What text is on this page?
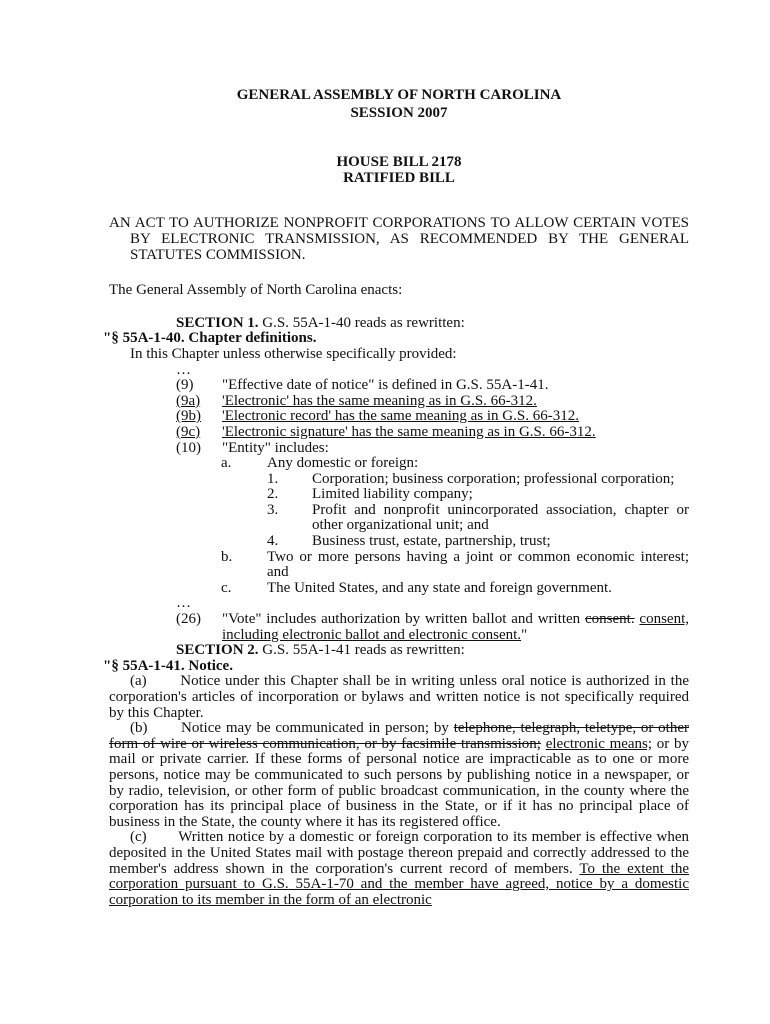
GENERAL ASSEMBLY OF NORTH CAROLINA

SESSION 2007

HOUSE BILL 2178

RATIFIED BILL

AN ACT TO AUTHORIZE NONPROFIT CORPORATIONS TO ALLOW CERTAIN VOTES BY ELECTRONIC TRANSMISSION, AS RECOMMENDED BY THE GENERAL STATUTES COMMISSION.

The General Assembly of North Carolina enacts:

SECTION 1. G.S. 55A-1-40 reads as rewritten:

"§ 55A-1-40. Chapter definitions.

In this Chapter unless otherwise specifically provided:

…

(9)	"Effective date of notice" is defined in G.S. 55A-1-41.
(9a)	'Electronic' has the same meaning as in G.S. 66-312.
(9b)	'Electronic record' has the same meaning as in G.S. 66-312.
(9c)	'Electronic signature' has the same meaning as in G.S. 66-312.
(10)	"Entity" includes:
a.	Any domestic or foreign:
1.	Corporation; business corporation; professional corporation;
2.	Limited liability company;
3.	Profit and nonprofit unincorporated association, chapter or other organizational unit; and
4.	Business trust, estate, partnership, trust;
b.	Two or more persons having a joint or common economic interest; and
c.	The United States, and any state and foreign government.

…

(26)	"Vote" includes authorization by written ballot and written consent. consent, including electronic ballot and electronic consent."

SECTION 2. G.S. 55A-1-41 reads as rewritten:

"§ 55A-1-41. Notice.

(a) Notice under this Chapter shall be in writing unless oral notice is authorized in the corporation's articles of incorporation or bylaws and written notice is not specifically required by this Chapter.

(b) Notice may be communicated in person; by telephone, telegraph, teletype, or other form of wire or wireless communication, or by facsimile transmission; electronic means; or by mail or private carrier. If these forms of personal notice are impracticable as to one or more persons, notice may be communicated to such persons by publishing notice in a newspaper, or by radio, television, or other form of public broadcast communication, in the county where the corporation has its principal place of business in the State, or if it has no principal place of business in the State, the county where it has its registered office.

(c) Written notice by a domestic or foreign corporation to its member is effective when deposited in the United States mail with postage thereon prepaid and correctly addressed to the member's address shown in the corporation's current record of members. To the extent the corporation pursuant to G.S. 55A-1-70 and the member have agreed, notice by a domestic corporation to its member in the form of an electronic
